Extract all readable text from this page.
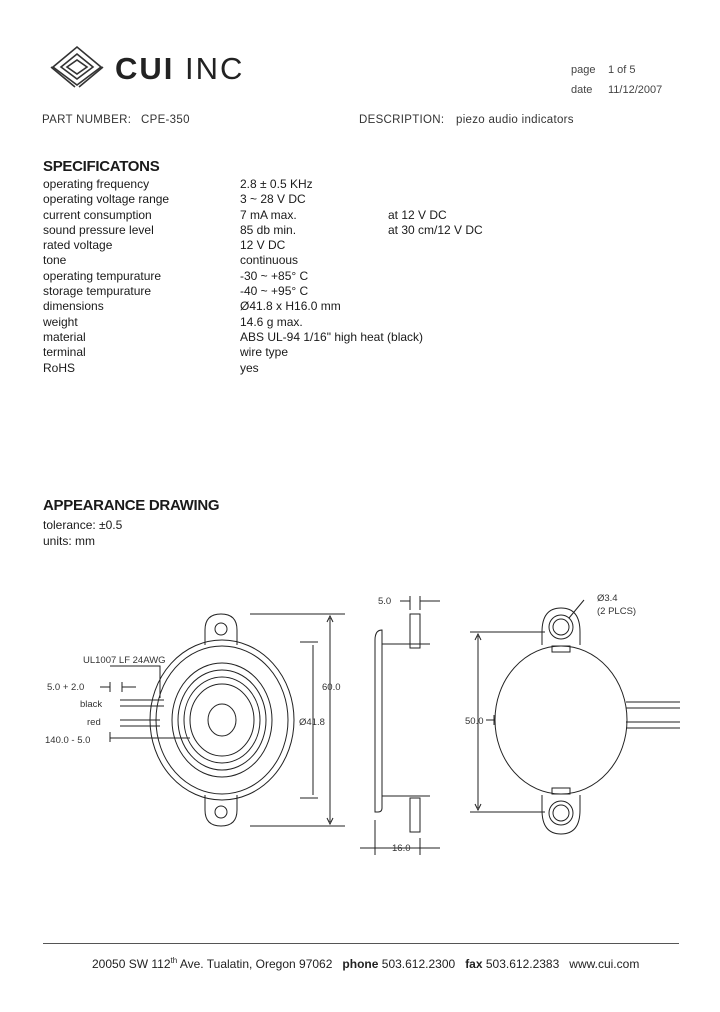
CUI INC	page 1 of 5
date 11/12/2007
PART NUMBER: CPE-350	DESCRIPTION: piezo audio indicators
SPECIFICATONS
operating frequency	2.8 ± 0.5 KHz
operating voltage range	3 ~ 28 V DC
current consumption	7 mA max.	at 12 V DC
sound pressure level	85 db min.	at 30 cm/12 V DC
rated voltage	12 V DC
tone	continuous
operating tempurature	-30 ~ +85° C
storage tempurature	-40 ~ +95° C
dimensions	Ø41.8 x H16.0 mm
weight	14.6 g max.
material	ABS UL-94 1/16" high heat (black)
terminal	wire type
RoHS	yes
APPEARANCE DRAWING
tolerance: ±0.5
units: mm
UL1007 LF 24AWG
5.0 + 2.0
black
red
140.0 - 5.0
60.0
Ø41.8
5.0
16.0
Ø3.4
(2 PLCS)
50.0
20050 SW 112th Ave. Tualatin, Oregon 97062 phone 503.612.2300 fax 503.612.2383 www.cui.com
